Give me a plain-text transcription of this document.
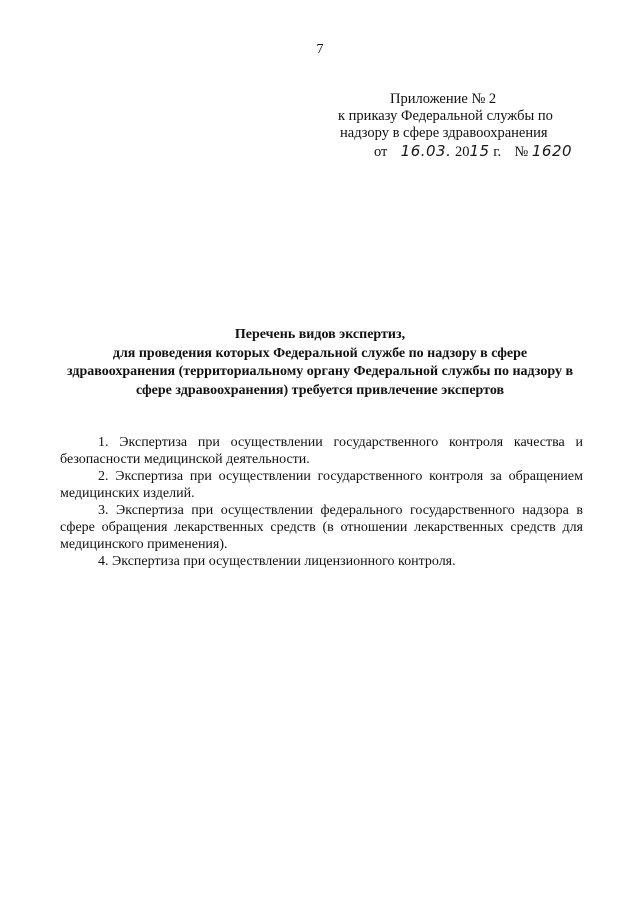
7
Приложение № 2
к приказу Федеральной службы по
надзору в сфере здравоохранения
от 16.03. 2015 г. № 1620
Перечень видов экспертиз,
для проведения которых Федеральной службе по надзору в сфере
здравоохранения (территориальному органу Федеральной службы по надзору в
сфере здравоохранения) требуется привлечение экспертов

1. Экспертиза при осуществлении государственного контроля качества и
безопасности медицинской деятельности.

2. Экспертиза при осуществлении государственного контроля за обращением
медицинских изделий.

3. Экспертиза при осуществлении федерального государственного надзора в
сфере обращения лекарственных средств (в отношении лекарственных средств для медицинского применения).

4. Экспертиза при осуществлении лицензионного контроля.
